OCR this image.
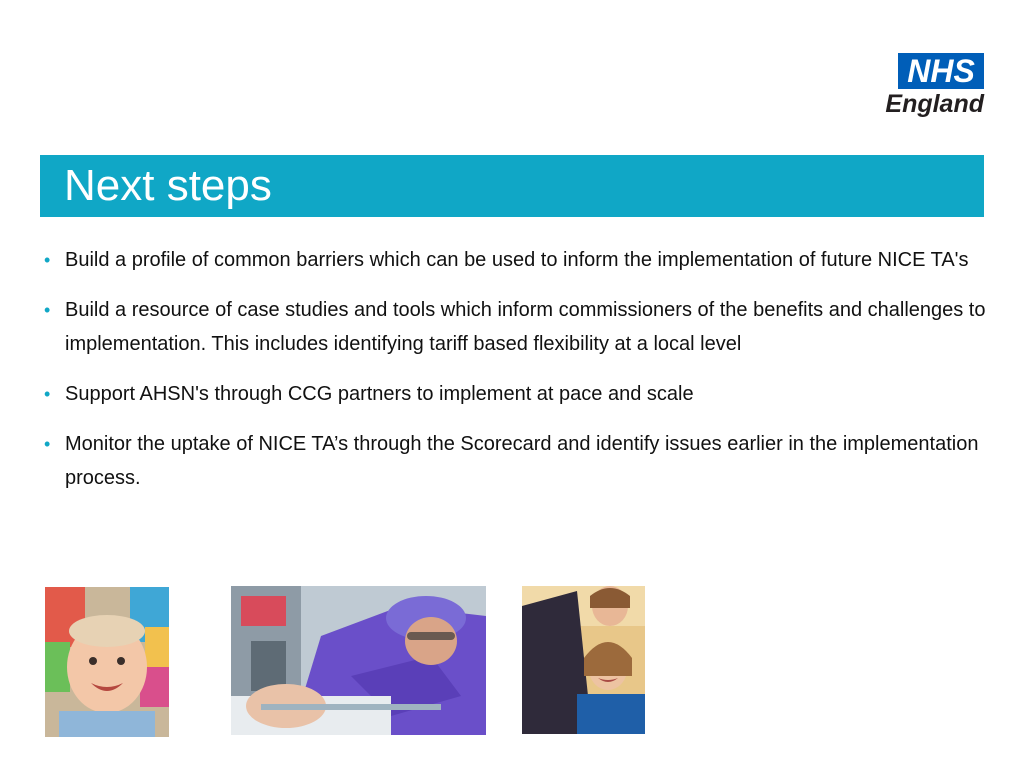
NHS
England
Next steps
• Build a profile of common barriers which can be used to inform the implementation of future NICE TA's
• Build a resource of case studies and tools which inform commissioners of the benefits and challenges to implementation. This includes identifying tariff based flexibility at a local level
• Support AHSN's through CCG partners to implement at pace and scale
• Monitor the uptake of NICE TA’s through the Scorecard and identify issues earlier in the implementation process.
